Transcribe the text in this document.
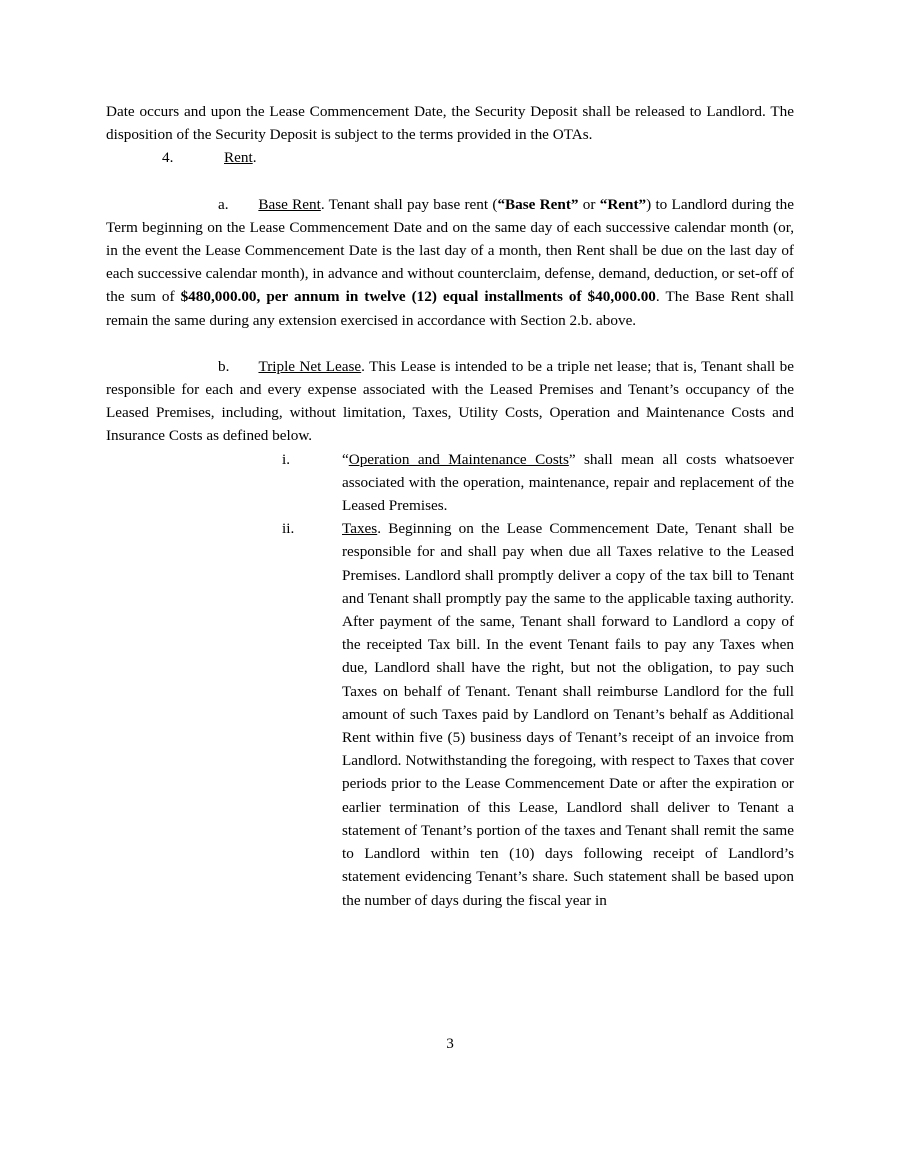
Date occurs and upon the Lease Commencement Date, the Security Deposit shall be released to Landlord. The disposition of the Security Deposit is subject to the terms provided in the OTAs.

4.	Rent.

a.	Base Rent. Tenant shall pay base rent (“Base Rent” or “Rent”) to Landlord during the Term beginning on the Lease Commencement Date and on the same day of each successive calendar month (or, in the event the Lease Commencement Date is the last day of a month, then Rent shall be due on the last day of each successive calendar month), in advance and without counterclaim, defense, demand, deduction, or set-off of the sum of $480,000.00, per annum in twelve (12) equal installments of $40,000.00. The Base Rent shall remain the same during any extension exercised in accordance with Section 2.b. above.

b.	Triple Net Lease. This Lease is intended to be a triple net lease; that is, Tenant shall be responsible for each and every expense associated with the Leased Premises and Tenant’s occupancy of the Leased Premises, including, without limitation, Taxes, Utility Costs, Operation and Maintenance Costs and Insurance Costs as defined below.

i.	“Operation and Maintenance Costs” shall mean all costs whatsoever associated with the operation, maintenance, repair and replacement of the Leased Premises.
ii.	Taxes. Beginning on the Lease Commencement Date, Tenant shall be responsible for and shall pay when due all Taxes relative to the Leased Premises. Landlord shall promptly deliver a copy of the tax bill to Tenant and Tenant shall promptly pay the same to the applicable taxing authority. After payment of the same, Tenant shall forward to Landlord a copy of the receipted Tax bill. In the event Tenant fails to pay any Taxes when due, Landlord shall have the right, but not the obligation, to pay such Taxes on behalf of Tenant. Tenant shall reimburse Landlord for the full amount of such Taxes paid by Landlord on Tenant’s behalf as Additional Rent within five (5) business days of Tenant’s receipt of an invoice from Landlord. Notwithstanding the foregoing, with respect to Taxes that cover periods prior to the Lease Commencement Date or after the expiration or earlier termination of this Lease, Landlord shall deliver to Tenant a statement of Tenant’s portion of the taxes and Tenant shall remit the same to Landlord within ten (10) days following receipt of Landlord’s statement evidencing Tenant’s share. Such statement shall be based upon the number of days during the fiscal year in
3
